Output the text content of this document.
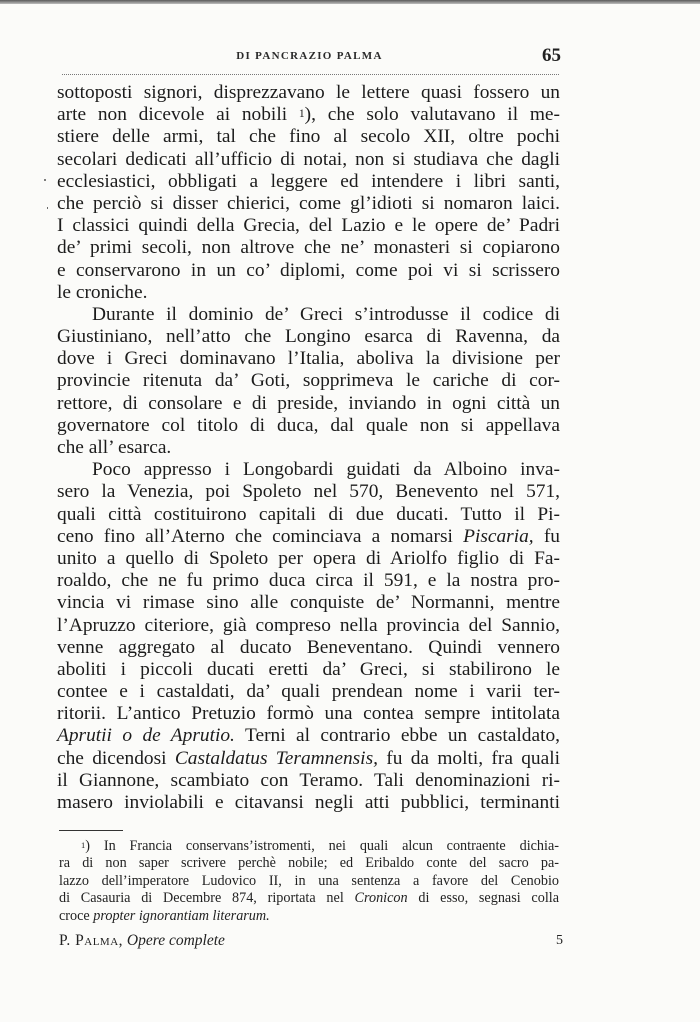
DI PANCRAZIO PALMA	65
sottoposti signori, disprezzavano le lettere quasi fossero un
arte non dicevole ai nobili $^1$), che solo valutavano il me-
stiere delle armi, tal che fino al secolo XII, oltre pochi
secolari dedicati all’ufficio di notai, non si studiava che dagli
ecclesiastici, obbligati a leggere ed intendere i libri santi,
che perciò si disser chierici, come gl’idioti si nomaron laici.
I classici quindi della Grecia, del Lazio e le opere de’ Padri
de’ primi secoli, non altrove che ne’ monasteri si copiarono
e conservarono in un co’ diplomi, come poi vi si scrissero
le croniche.
Durante il dominio de’ Greci s’introdusse il codice di
Giustiniano, nell’atto che Longino esarca di Ravenna, da
dove i Greci dominavano l’Italia, aboliva la divisione per
provincie ritenuta da’ Goti, sopprimeva le cariche di cor-
rettore, di consolare e di preside, inviando in ogni città un
governatore col titolo di duca, dal quale non si appellava
che all’ esarca.
Poco appresso i Longobardi guidati da Alboino inva-
sero la Venezia, poi Spoleto nel 570, Benevento nel 571,
quali città costituirono capitali di due ducati. Tutto il Pi-
ceno fino all’Aterno che cominciava a nomarsi Piscaria, fu
unito a quello di Spoleto per opera di Ariolfo figlio di Fa-
roaldo, che ne fu primo duca circa il 591, e la nostra pro-
vincia vi rimase sino alle conquiste de’ Normanni, mentre
l’Apruzzo citeriore, già compreso nella provincia del Sannio,
venne aggregato al ducato Beneventano. Quindi vennero
aboliti i piccoli ducati eretti da’ Greci, si stabilirono le
contee e i castaldati, da’ quali prendean nome i varii ter-
ritorii. L’antico Pretuzio formò una contea sempre intitolata
Aprutii o de Aprutio. Terni al contrario ebbe un castaldato,
che dicendosi Castaldatus Teramnensis, fu da molti, fra quali
il Giannone, scambiato con Teramo. Tali denominazioni ri-
masero inviolabili e citavansi negli atti pubblici, terminanti
$^1$) In Francia conservans’istromenti, nei quali alcun contraente dichia-
ra di non saper scrivere perchè nobile; ed Eribaldo conte del sacro pa-
lazzo dell’imperatore Ludovico II, in una sentenza a favore del Cenobio
di Casauria di Decembre 874, riportata nel Cronicon di esso, segnasi colla
croce propter ignorantiam literarum.
P. Palma, Opere complete	5
